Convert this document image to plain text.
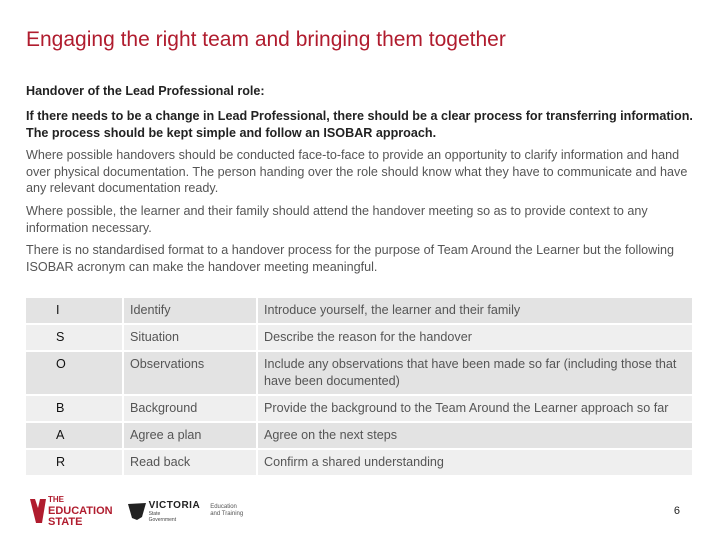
Engaging the right team and bringing them together

Handover of the Lead Professional role:

If there needs to be a change in Lead Professional, there should be a clear process for transferring information. The process should be kept simple and follow an ISOBAR approach.

Where possible handovers should be conducted face-to-face to provide an opportunity to clarify information and hand over physical documentation. The person handing over the role should know what they have to communicate and have any relevant documentation ready.

Where possible, the learner and their family should attend the handover meeting so as to provide context to any information necessary.

There is no standardised format to a handover process for the purpose of Team Around the Learner but the following ISOBAR acronym can make the handover meeting meaningful.

I	Identify	Introduce yourself, the learner and their family
S	Situation	Describe the reason for the handover
O	Observations	Include any observations that have been made so far (including those that have been documented)
B	Background	Provide the background to the Team Around the Learner approach so far
A	Agree a plan	Agree on the next steps
R	Read back	Confirm a shared understanding
THE
EDUCATION
STATE
VICTORIA
State
Government
Education
and Training	6
